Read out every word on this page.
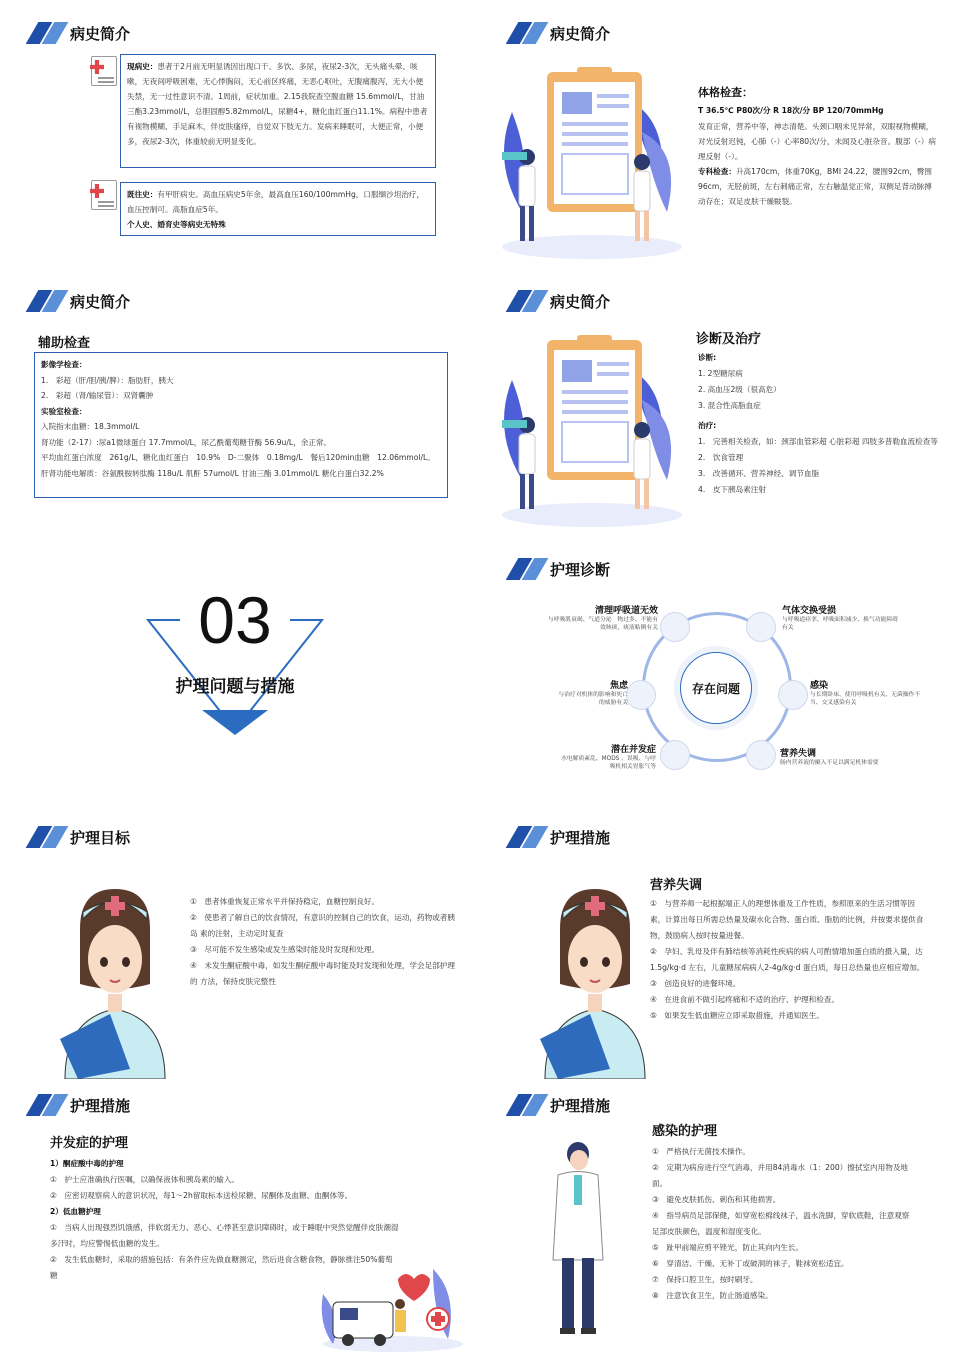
病史简介
现病史：患者于2月前无明显诱因出现口干、多饮、多尿，夜尿2-3次，无头痛头晕、咳嗽，无夜间呼吸困难，无心悸胸闷，无心前区疼痛，无恶心呕吐，无腹痛腹泻，无大小便失禁，无一过性意识不清。1周前，症状加重。2.15我院查空腹血糖 15.6mmol/L，甘油三酯3.23mmol/L，总胆固醇5.82mmol/L，尿糖4+，糖化血红蛋白11.1%。病程中患者有视物模糊、手足麻木，伴皮肤瘙痒，自觉双下肢无力。发病来睡眠可，大便正常，小便多，夜尿2-3次，体重较前无明显变化。
既往史：有甲肝病史。高血压病史5年余，最高血压160/100mmHg，口服缬沙坦治疗，血压控制可。高脂血症5年。
个人史、婚育史等病史无特殊
病史简介
体格检查：
T 36.5℃ P80次/分 R 18次/分 BP 120/70mmHg
发育正常，营养中等，神志清楚。头颈口咽未见异常，双眼视物模糊，对光反射迟钝，心肺（-）心率80次/分，未闻及心脏杂音。腹部（-）病理反射（-）。
专科检查：升高170cm，体重70Kg，BMI 24.22，腰围92cm，臀围96cm，无胫前斑，左右刺痛正常，左右触温觉正常，双侧足背动脉搏动存在；双足皮肤干燥皲裂。
病史简介
辅助检查
影像学检查：
1.　彩超（肝/胆/胰/脾）：脂肪肝，胰大
2.　彩超（肾/输尿管）：双肾囊肿
实验室检查：
入院指末血糖：18.3mmol/L
肾功能（2-17）:尿a1微球蛋白 17.7mmol/L，尿乙酰葡萄糖苷酶 56.9u/L，余正常。
平均血红蛋白浓度　261g/L，糖化血红蛋白　10.9%　D-二聚体　0.18mg/L　餐后120min血糖　12.06mmol/L。
肝肾功能电解质：谷氨酰胺转肽酶 118u/L 肌酐 57umol/L 甘油三酯 3.01mmol/L 糖化白蛋白32.2%
病史简介
诊断及治疗
诊断:
1. 2型糖尿病
2. 高血压2级（很高危）
3. 混合性高脂血症
治疗:
1.　完善相关检查，如：颈部血管彩超 心脏彩超 四肢多普勒血流检查等
2.　饮食管理
3.　改善循环、营养神经、调节血脂
4.　皮下胰岛素注射
03
护理问题与措施
护理诊断
存在问题
清理呼吸道无效
与呼吸肌衰竭、气道分泌　物过多、不能有效咳痰、痰液粘稠有关
气体交换受损
与呼吸道痉挛、呼吸面积减少、换气功能障碍有关
焦虑
与治疗对机体的影响和死亡的威胁有关
感染
与长期卧床、使用呼吸机有关、无菌操作不当、交叉感染有关
潜在并发症
水电解质紊乱、MODS 、误吸、与呼吸机相关胃胀气等
营养失调
肠内营养液的摄入不足以满足机体需要
护理目标
①　患者体重恢复正常水平并保持稳定，血糖控制良好。
②　使患者了解自己的饮食情况，有意识的控制自己的饮食，运动，药物或者胰岛 素的注射，主动定时复查
③　尽可能不发生感染或发生感染时能及时发现和处理。
④　未发生酮症酸中毒，如发生酮症酸中毒时能及时发现和处理，学会足部护理的 方法，保持皮肤完整性
护理措施
营养失调
①　与营养师一起根据端正人的理想体重及工作性质，参照原来的生活习惯等因素，计算出每日所需总热量及碳水化合物、蛋白质、脂肪的比例，并按要求提供食物，鼓励病人按时按量进餐。
②　孕妇、乳母及伴有肺结核等消耗性疾病的病人可酌情增加蛋白质的摄入量，达1.5g/kg·d 左右，儿童糖尿病病人2-4g/kg·d 蛋白质，每日总热量也应相应增加。
③　创造良好的进餐环境。
④　在进食前不做引起疼痛和不适的治疗、护理和检查。
⑤　如果发生低血糖应立即采取措施，并通知医生。
护理措施
并发症的护理
1）酮症酸中毒的护理
①　护士应准确执行医嘱，以确保液体和胰岛素的输入。
②　应密切观察病人的意识状况，每1～2h留取标本送检尿糖、尿酮体及血糖、血酮体等。
2）低血糖护理
①　当病人出现强烈饥饿感，伴软弱无力、恶心、心悸甚至意识障碍时，或于睡眠中突然觉醒伴皮肤潮湿多汗时，均应警惕低血糖的发生。
②　发生低血糖时，采取的措施包括：有条件应先做血糖测定，然后进食含糖食物，静脉推注50%葡萄糖
护理措施
感染的护理
①　严格执行无菌技术操作。
②　定期为病房进行空气消毒，并用84消毒水（1：200）擦拭室内用物及地面。
③　避免皮肤抓伤、刺伤和其他损害。
④　指导病员足部保健，如穿宽松棉线袜子，温水洗脚，穿软底鞋，注意观察足部皮肤颜色，温度和湿度变化。
⑤　趾甲前端应剪平锉光，防止其向内生长。
⑥　穿清洁、干燥、无补丁或破洞的袜子，鞋袜宽松适宜。
⑦　保持口腔卫生，按时刷牙。
⑧　注意饮食卫生，防止肠道感染。
